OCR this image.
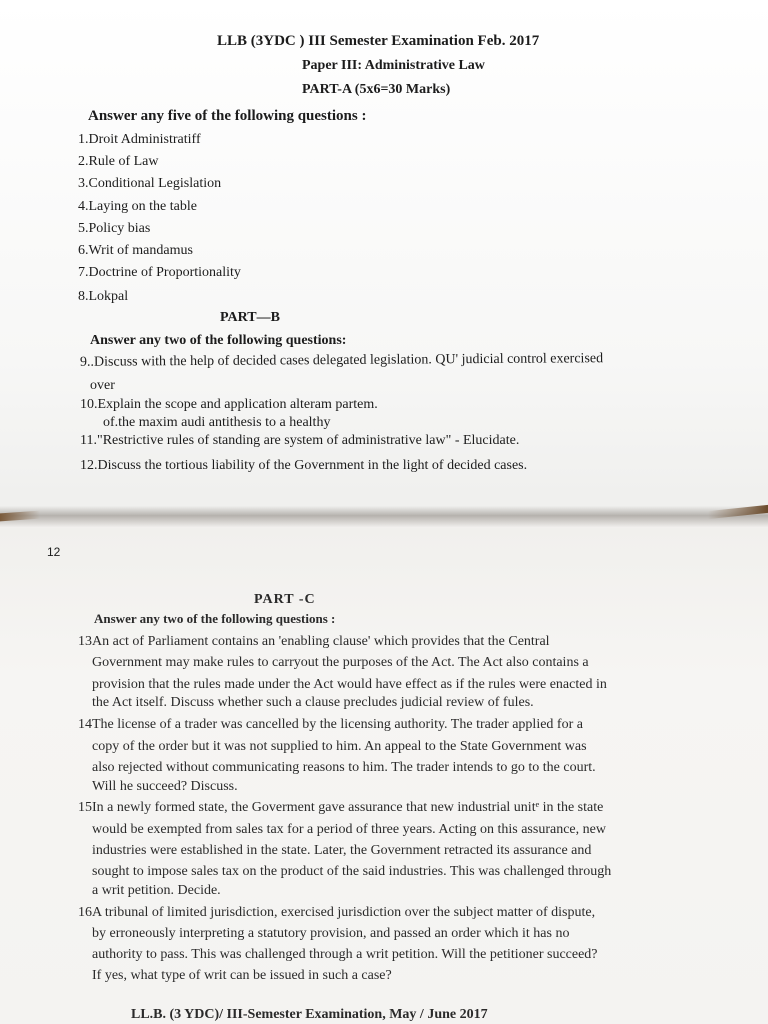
LLB (3YDC ) III Semester Examination Feb. 2017
Paper III: Administrative Law
PART-A (5x6=30 Marks)
Answer any five of the following questions :
1.Droit Administratiff
2.Rule of Law
3.Conditional Legislation
4.Laying on the table
5.Policy bias
6.Writ of mandamus
7.Doctrine of Proportionality
8.Lokpal
PART—B
Answer any two of the following questions:
9..Discuss with the help of decided cases delegated legislation. QU' judicial control exercised
over
10.Explain the scope and application alteram partem.
of.the maxim audi antithesis to a healthy
11."Restrictive rules of standing are system of administrative law" - Elucidate.
12.Discuss the tortious liability of the Government in the light of decided cases.
12
PART -C
Answer any two of the following questions :
13An act of Parliament contains an 'enabling clause' which provides that the Central
Government may make rules to carryout the purposes of the Act. The Act also contains a
provision that the rules made under the Act would have effect as if the rules were enacted in
the Act itself. Discuss whether such a clause precludes judicial review of fules.
14The license of a trader was cancelled by the licensing authority. The trader applied for a
copy of the order but it was not supplied to him. An appeal to the State Government was
also rejected without communicating reasons to him. The trader intends to go to the court.
Will he succeed? Discuss.
15In a newly formed state, the Goverment gave assurance that new industrial unitᵉ in the state
would be exempted from sales tax for a period of three years. Acting on this assurance, new
industries were established in the state. Later, the Government retracted its assurance and
sought to impose sales tax on the product of the said industries. This was challenged through
a writ petition. Decide.
16A tribunal of limited jurisdiction, exercised jurisdiction over the subject matter of dispute,
by erroneously interpreting a statutory provision, and passed an order which it has no
authority to pass. This was challenged through a writ petition. Will the petitioner succeed?
If yes, what type of writ can be issued in such a case?
LL.B. (3 YDC)/ III-Semester Examination, May / June 2017
